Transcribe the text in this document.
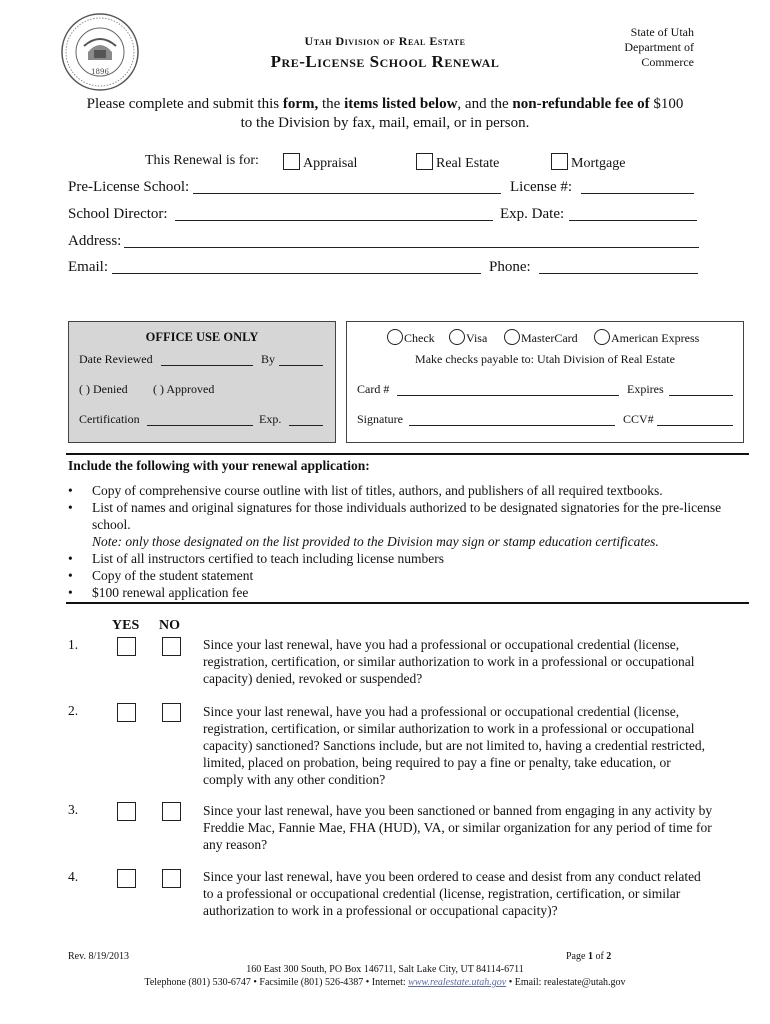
1896
Utah Division of Real Estate
Pre-License School Renewal
State of Utah
Department of
Commerce
Please complete and submit this form, the items listed below, and the non-refundable fee of $100
to the Division by fax, mail, email, or in person.
This Renewal is for:	Appraisal	Real Estate	Mortgage
Pre-License School:	License #:
School Director:	Exp. Date:
Address:
Email:	Phone:
OFFICE USE ONLY
Date Reviewed	By
( ) Denied ( ) Approved
Certification	Exp.
Check	Visa	MasterCard	American Express
Make checks payable to: Utah Division of Real Estate
Card #	Expires
Signature	CCV#
Include the following with your renewal application:
• Copy of comprehensive course outline with list of titles, authors, and publishers of all required textbooks.
• List of names and original signatures for those individuals authorized to be designated signatories for the pre-license school.
Note: only those designated on the list provided to the Division may sign or stamp education certificates.
• List of all instructors certified to teach including license numbers
• Copy of the student statement
• $100 renewal application fee
YES NO
1.	Since your last renewal, have you had a professional or occupational credential (license, registration, certification, or similar authorization to work in a professional or occupational capacity) denied, revoked or suspended?
2.	Since your last renewal, have you had a professional or occupational credential (license, registration, certification, or similar authorization to work in a professional or occupational capacity) sanctioned? Sanctions include, but are not limited to, having a credential restricted, limited, placed on probation, being required to pay a fine or penalty, take education, or comply with any other condition?
3.	Since your last renewal, have you been sanctioned or banned from engaging in any activity by Freddie Mac, Fannie Mae, FHA (HUD), VA, or similar organization for any period of time for any reason?
4.	Since your last renewal, have you been ordered to cease and desist from any conduct related to a professional or occupational credential (license, registration, certification, or similar authorization to work in a professional or occupational capacity)?
Rev. 8/19/2013	Page 1 of 2
160 East 300 South, PO Box 146711, Salt Lake City, UT 84114-6711
Telephone (801) 530-6747 • Facsimile (801) 526-4387 • Internet: www.realestate.utah.gov • Email: realestate@utah.gov
